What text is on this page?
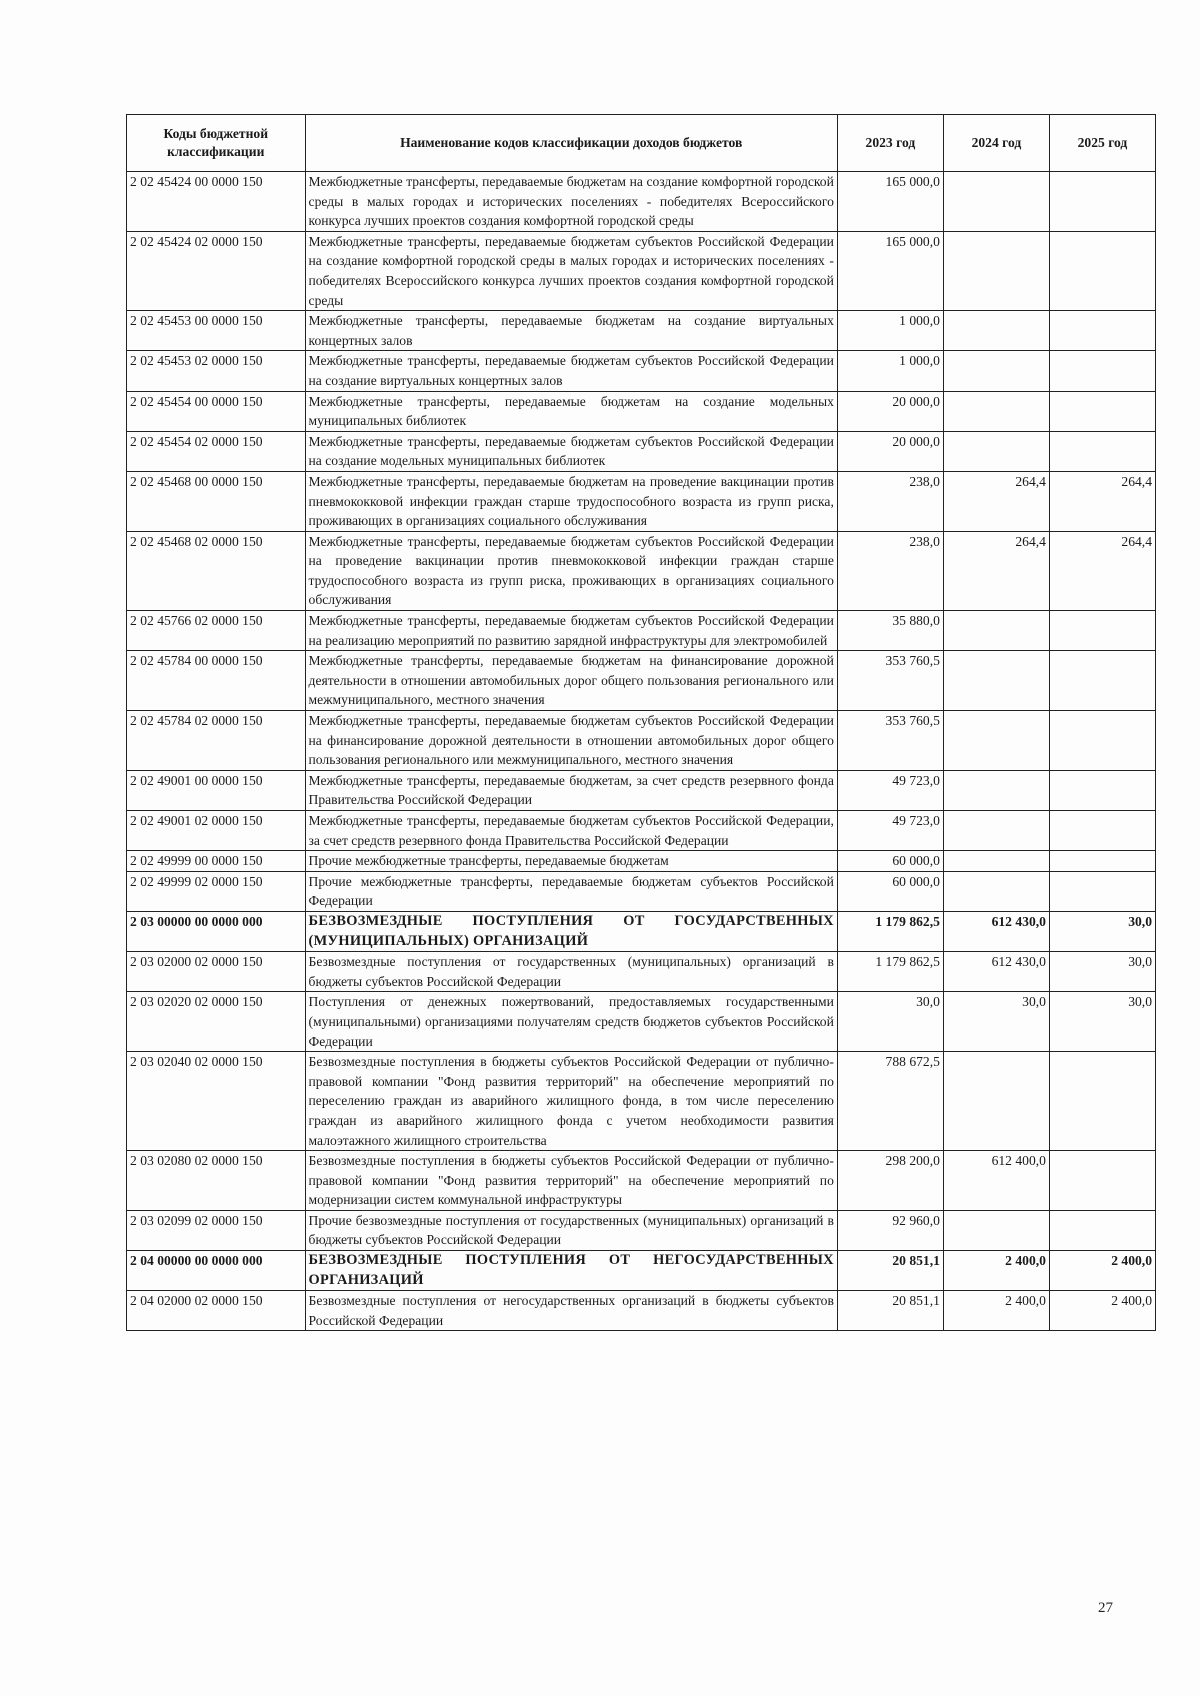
Коды бюджетной классификации	Наименование кодов классификации доходов бюджетов	2023 год	2024 год	2025 год
2 02 45424 00 0000 150	Межбюджетные трансферты, передаваемые бюджетам на создание комфортной городской среды в малых городах и исторических поселениях - победителях Всероссийского конкурса лучших проектов создания комфортной городской среды	165 000,0		
2 02 45424 02 0000 150	Межбюджетные трансферты, передаваемые бюджетам субъектов Российской Федерации на создание комфортной городской среды в малых городах и исторических поселениях - победителях Всероссийского конкурса лучших проектов создания комфортной городской среды	165 000,0		
2 02 45453 00 0000 150	Межбюджетные трансферты, передаваемые бюджетам на создание виртуальных концертных залов	1 000,0		
2 02 45453 02 0000 150	Межбюджетные трансферты, передаваемые бюджетам субъектов Российской Федерации на создание виртуальных концертных залов	1 000,0		
2 02 45454 00 0000 150	Межбюджетные трансферты, передаваемые бюджетам на создание модельных муниципальных библиотек	20 000,0		
2 02 45454 02 0000 150	Межбюджетные трансферты, передаваемые бюджетам субъектов Российской Федерации на создание модельных муниципальных библиотек	20 000,0		
2 02 45468 00 0000 150	Межбюджетные трансферты, передаваемые бюджетам на проведение вакцинации против пневмококковой инфекции граждан старше трудоспособного возраста из групп риска, проживающих в организациях социального обслуживания	238,0	264,4	264,4
2 02 45468 02 0000 150	Межбюджетные трансферты, передаваемые бюджетам субъектов Российской Федерации на проведение вакцинации против пневмококковой инфекции граждан старше трудоспособного возраста из групп риска, проживающих в организациях социального обслуживания	238,0	264,4	264,4
2 02 45766 02 0000 150	Межбюджетные трансферты, передаваемые бюджетам субъектов Российской Федерации на реализацию мероприятий по развитию зарядной инфраструктуры для электромобилей	35 880,0		
2 02 45784 00 0000 150	Межбюджетные трансферты, передаваемые бюджетам на финансирование дорожной деятельности в отношении автомобильных дорог общего пользования регионального или межмуниципального, местного значения	353 760,5		
2 02 45784 02 0000 150	Межбюджетные трансферты, передаваемые бюджетам субъектов Российской Федерации на финансирование дорожной деятельности в отношении автомобильных дорог общего пользования регионального или межмуниципального, местного значения	353 760,5		
2 02 49001 00 0000 150	Межбюджетные трансферты, передаваемые бюджетам, за счет средств резервного фонда Правительства Российской Федерации	49 723,0		
2 02 49001 02 0000 150	Межбюджетные трансферты, передаваемые бюджетам субъектов Российской Федерации, за счет средств резервного фонда Правительства Российской Федерации	49 723,0		
2 02 49999 00 0000 150	Прочие межбюджетные трансферты, передаваемые бюджетам	60 000,0		
2 02 49999 02 0000 150	Прочие межбюджетные трансферты, передаваемые бюджетам субъектов Российской Федерации	60 000,0		
2 03 00000 00 0000 000	БЕЗВОЗМЕЗДНЫЕ ПОСТУПЛЕНИЯ ОТ ГОСУДАРСТВЕННЫХ (МУНИЦИПАЛЬНЫХ) ОРГАНИЗАЦИЙ	1 179 862,5	612 430,0	30,0
2 03 02000 02 0000 150	Безвозмездные поступления от государственных (муниципальных) организаций в бюджеты субъектов Российской Федерации	1 179 862,5	612 430,0	30,0
2 03 02020 02 0000 150	Поступления от денежных пожертвований, предоставляемых государственными (муниципальными) организациями получателям средств бюджетов субъектов Российской Федерации	30,0	30,0	30,0
2 03 02040 02 0000 150	Безвозмездные поступления в бюджеты субъектов Российской Федерации от публично-правовой компании "Фонд развития территорий" на обеспечение мероприятий по переселению граждан из аварийного жилищного фонда, в том числе переселению граждан из аварийного жилищного фонда с учетом необходимости развития малоэтажного жилищного строительства	788 672,5		
2 03 02080 02 0000 150	Безвозмездные поступления в бюджеты субъектов Российской Федерации от публично-правовой компании "Фонд развития территорий" на обеспечение мероприятий по модернизации систем коммунальной инфраструктуры	298 200,0	612 400,0	
2 03 02099 02 0000 150	Прочие безвозмездные поступления от государственных (муниципальных) организаций в бюджеты субъектов Российской Федерации	92 960,0		
2 04 00000 00 0000 000	БЕЗВОЗМЕЗДНЫЕ ПОСТУПЛЕНИЯ ОТ НЕГОСУДАРСТВЕННЫХ ОРГАНИЗАЦИЙ	20 851,1	2 400,0	2 400,0
2 04 02000 02 0000 150	Безвозмездные поступления от негосударственных организаций в бюджеты субъектов Российской Федерации	20 851,1	2 400,0	2 400,0
27
